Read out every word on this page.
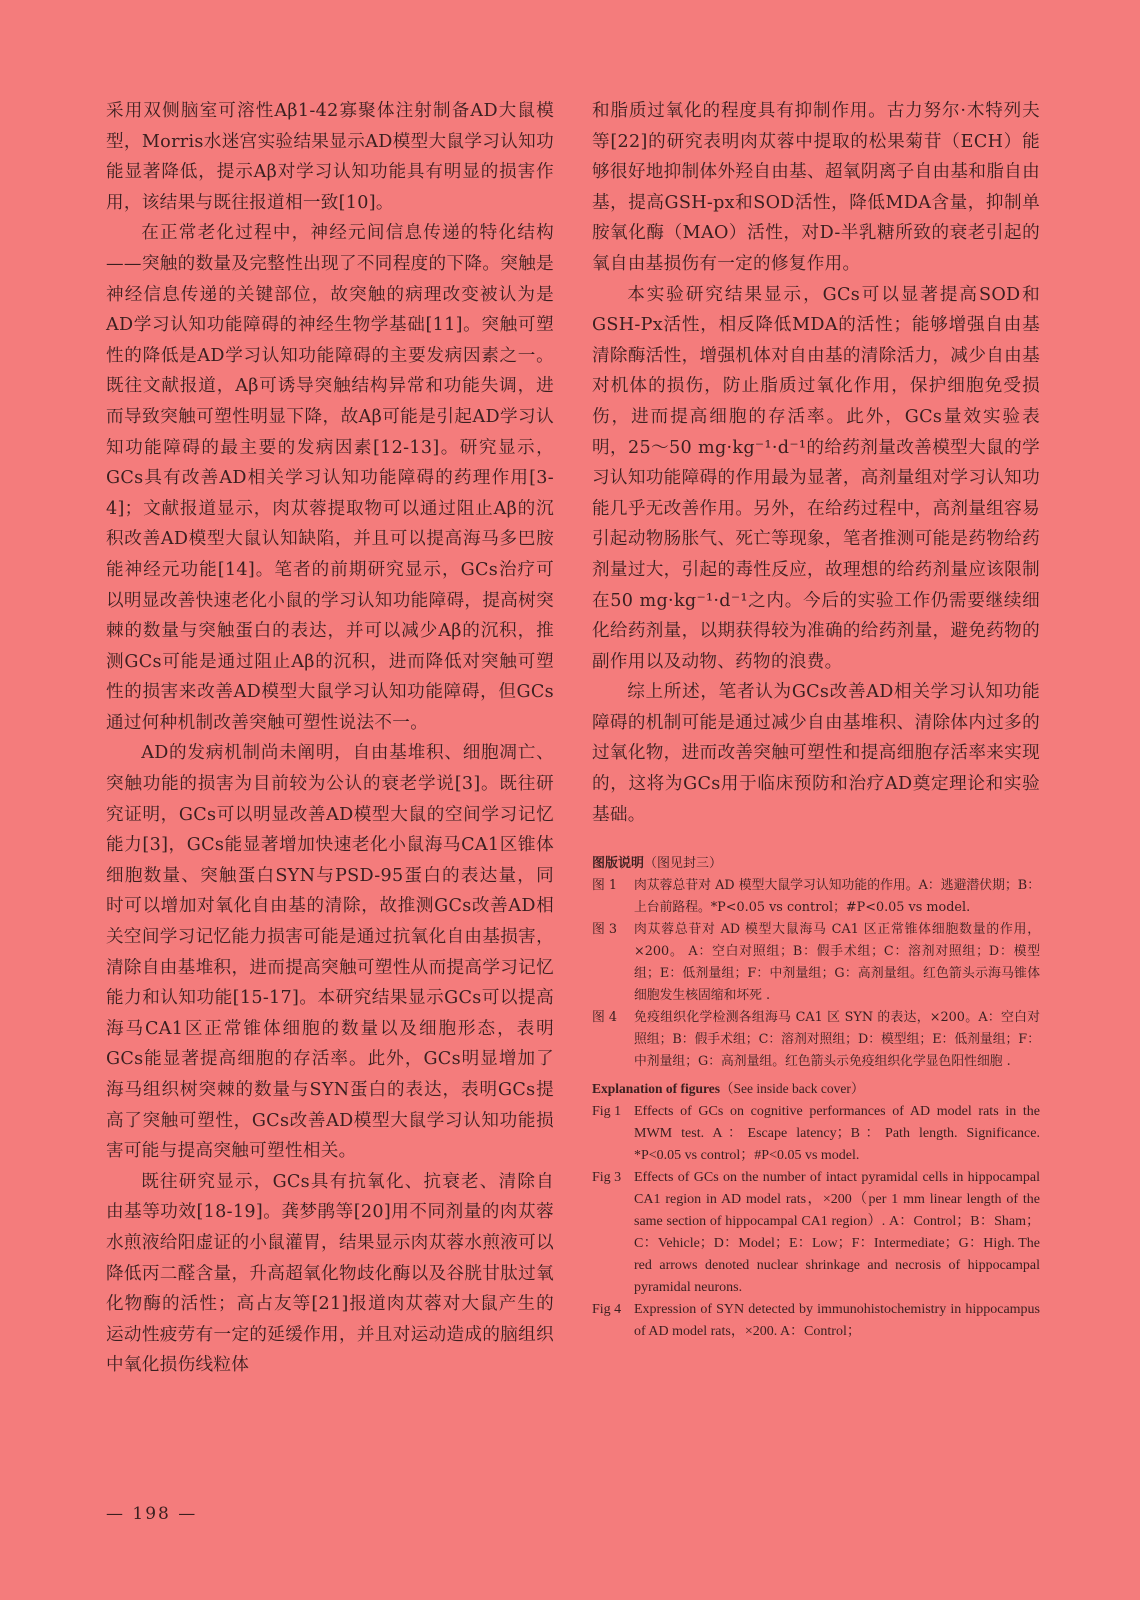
采用双侧脑室可溶性Aβ1-42寡聚体注射制备AD大鼠模型，Morris水迷宫实验结果显示AD模型大鼠学习认知功能显著降低，提示Aβ对学习认知功能具有明显的损害作用，该结果与既往报道相一致[10]。

在正常老化过程中，神经元间信息传递的特化结构——突触的数量及完整性出现了不同程度的下降。突触是神经信息传递的关键部位，故突触的病理改变被认为是AD学习认知功能障碍的神经生物学基础[11]。突触可塑性的降低是AD学习认知功能障碍的主要发病因素之一。既往文献报道，Aβ可诱导突触结构异常和功能失调，进而导致突触可塑性明显下降，故Aβ可能是引起AD学习认知功能障碍的最主要的发病因素[12-13]。研究显示，GCs具有改善AD相关学习认知功能障碍的药理作用[3-4]；文献报道显示，肉苁蓉提取物可以通过阻止Aβ的沉积改善AD模型大鼠认知缺陷，并且可以提高海马多巴胺能神经元功能[14]。笔者的前期研究显示，GCs治疗可以明显改善快速老化小鼠的学习认知功能障碍，提高树突棘的数量与突触蛋白的表达，并可以减少Aβ的沉积，推测GCs可能是通过阻止Aβ的沉积，进而降低对突触可塑性的损害来改善AD模型大鼠学习认知功能障碍，但GCs通过何种机制改善突触可塑性说法不一。

AD的发病机制尚未阐明，自由基堆积、细胞凋亡、突触功能的损害为目前较为公认的衰老学说[3]。既往研究证明，GCs可以明显改善AD模型大鼠的空间学习记忆能力[3]，GCs能显著增加快速老化小鼠海马CA1区锥体细胞数量、突触蛋白SYN与PSD-95蛋白的表达量，同时可以增加对氧化自由基的清除，故推测GCs改善AD相关空间学习记忆能力损害可能是通过抗氧化自由基损害，清除自由基堆积，进而提高突触可塑性从而提高学习记忆能力和认知功能[15-17]。本研究结果显示GCs可以提高海马CA1区正常锥体细胞的数量以及细胞形态，表明GCs能显著提高细胞的存活率。此外，GCs明显增加了海马组织树突棘的数量与SYN蛋白的表达，表明GCs提高了突触可塑性，GCs改善AD模型大鼠学习认知功能损害可能与提高突触可塑性相关。

既往研究显示，GCs具有抗氧化、抗衰老、清除自由基等功效[18-19]。龚梦鹃等[20]用不同剂量的肉苁蓉水煎液给阳虚证的小鼠灌胃，结果显示肉苁蓉水煎液可以降低丙二醛含量，升高超氧化物歧化酶以及谷胱甘肽过氧化物酶的活性；高占友等[21]报道肉苁蓉对大鼠产生的运动性疲劳有一定的延缓作用，并且对运动造成的脑组织中氧化损伤线粒体

和脂质过氧化的程度具有抑制作用。古力努尔·木特列夫等[22]的研究表明肉苁蓉中提取的松果菊苷（ECH）能够很好地抑制体外羟自由基、超氧阴离子自由基和脂自由基，提高GSH-px和SOD活性，降低MDA含量，抑制单胺氧化酶（MAO）活性，对D-半乳糖所致的衰老引起的氧自由基损伤有一定的修复作用。

本实验研究结果显示，GCs可以显著提高SOD和GSH-Px活性，相反降低MDA的活性；能够增强自由基清除酶活性，增强机体对自由基的清除活力，减少自由基对机体的损伤，防止脂质过氧化作用，保护细胞免受损伤，进而提高细胞的存活率。此外，GCs量效实验表明，25～50 mg·kg⁻¹·d⁻¹的给药剂量改善模型大鼠的学习认知功能障碍的作用最为显著，高剂量组对学习认知功能几乎无改善作用。另外，在给药过程中，高剂量组容易引起动物肠胀气、死亡等现象，笔者推测可能是药物给药剂量过大，引起的毒性反应，故理想的给药剂量应该限制在50 mg·kg⁻¹·d⁻¹之内。今后的实验工作仍需要继续细化给药剂量，以期获得较为准确的给药剂量，避免药物的副作用以及动物、药物的浪费。

综上所述，笔者认为GCs改善AD相关学习认知功能障碍的机制可能是通过减少自由基堆积、清除体内过多的过氧化物，进而改善突触可塑性和提高细胞存活率来实现的，这将为GCs用于临床预防和治疗AD奠定理论和实验基础。

图版说明（图见封三）
图 1	肉苁蓉总苷对 AD 模型大鼠学习认知功能的作用。A：逃避潜伏期；B：上台前路程。*P<0.05 vs control；#P<0.05 vs model.
图 3	肉苁蓉总苷对 AD 模型大鼠海马 CA1 区正常锥体细胞数量的作用，×200。 A：空白对照组；B：假手术组；C：溶剂对照组；D：模型组；E：低剂量组；F：中剂量组；G：高剂量组。红色箭头示海马锥体细胞发生核固缩和坏死 .
图 4	免疫组织化学检测各组海马 CA1 区 SYN 的表达，×200。A：空白对照组；B：假手术组；C：溶剂对照组；D：模型组；E：低剂量组；F：中剂量组；G：高剂量组。红色箭头示免疫组织化学显色阳性细胞 .
Explanation of figures（See inside back cover）
Fig 1 Effects of GCs on cognitive performances of AD model rats in the MWM test. A：Escape latency；B：Path length. Significance. *P<0.05 vs control；#P<0.05 vs model.
Fig 3 Effects of GCs on the number of intact pyramidal cells in hippocampal CA1 region in AD model rats，×200（per 1 mm linear length of the same section of hippocampal CA1 region）. A：Control；B：Sham；C：Vehicle；D：Model；E：Low；F：Intermediate；G：High. The red arrows denoted nuclear shrinkage and necrosis of hippocampal pyramidal neurons.
Fig 4 Expression of SYN detected by immunohistochemistry in hippocampus of AD model rats，×200. A：Control；
— 198 —
